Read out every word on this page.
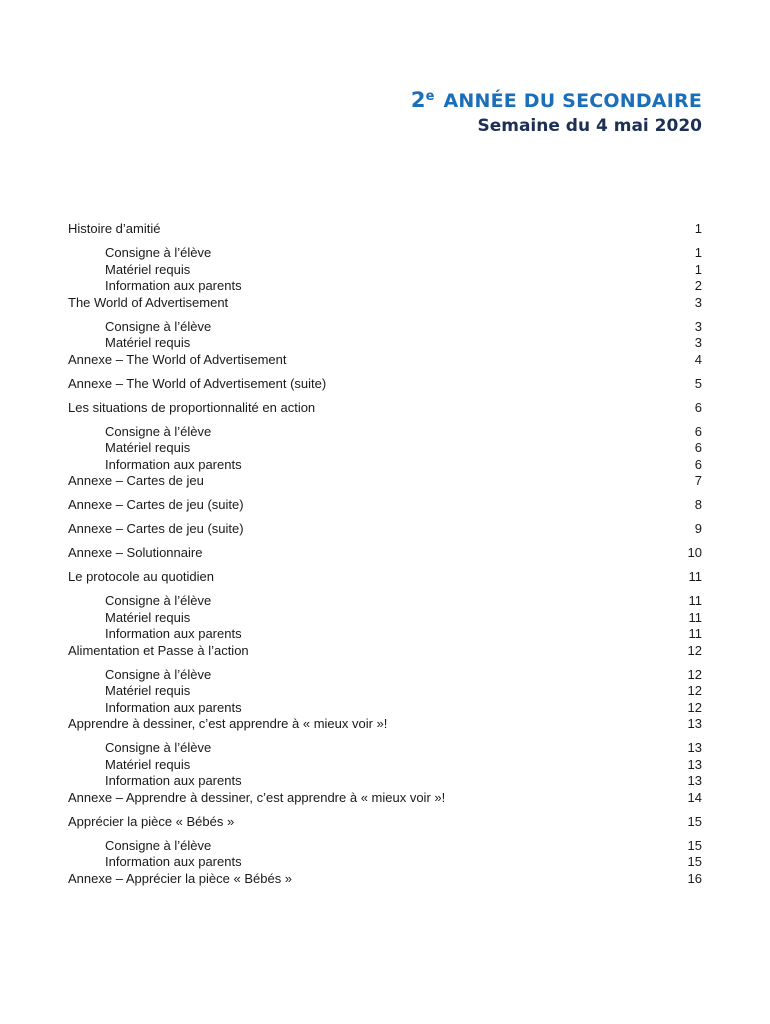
2e ANNÉE DU SECONDAIRE
Semaine du 4 mai 2020
Histoire d’amitié	1
Consigne à l’élève	1
Matériel requis	1
Information aux parents	2
The World of Advertisement	3
Consigne à l’élève	3
Matériel requis	3
Annexe – The World of Advertisement	4
Annexe – The World of Advertisement (suite)	5
Les situations de proportionnalité en action	6
Consigne à l’élève	6
Matériel requis	6
Information aux parents	6
Annexe – Cartes de jeu	7
Annexe – Cartes de jeu (suite)	8
Annexe – Cartes de jeu (suite)	9
Annexe – Solutionnaire	10
Le protocole au quotidien	11
Consigne à l’élève	11
Matériel requis	11
Information aux parents	11
Alimentation et Passe à l’action	12
Consigne à l’élève	12
Matériel requis	12
Information aux parents	12
Apprendre à dessiner, c’est apprendre à « mieux voir »!	13
Consigne à l’élève	13
Matériel requis	13
Information aux parents	13
Annexe – Apprendre à dessiner, c’est apprendre à « mieux voir »!	14
Apprécier la pièce « Bébés »	15
Consigne à l’élève	15
Information aux parents	15
Annexe – Apprécier la pièce « Bébés »	16
